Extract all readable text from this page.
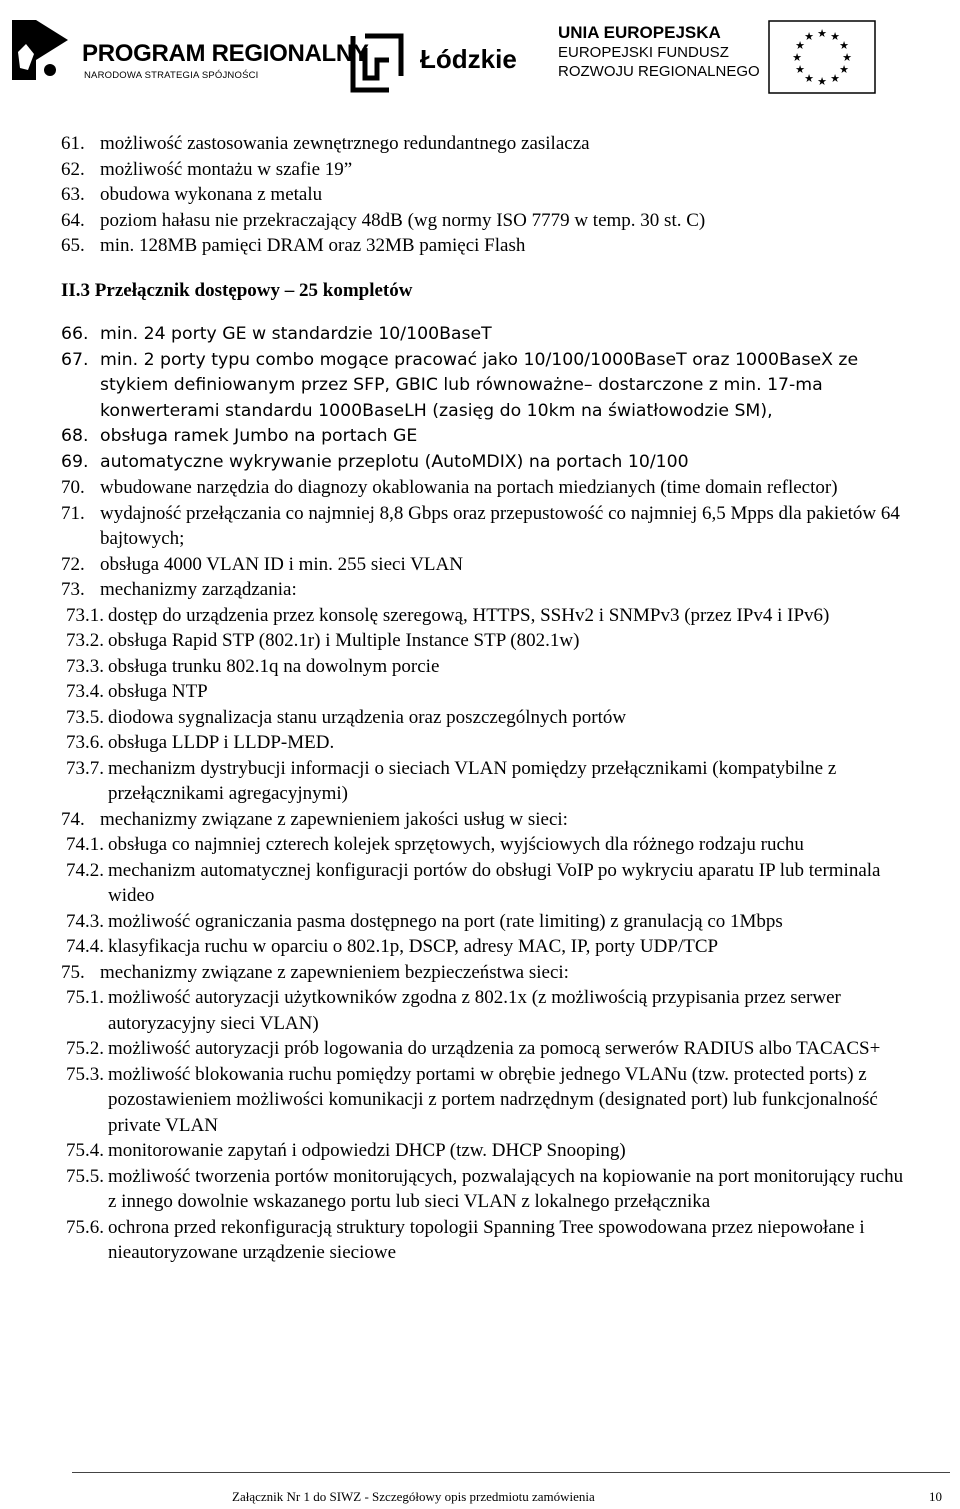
PROGRAM REGIONALNY
NARODOWA STRATEGIA SPÓJNOŚCI
Łódzkie
UNIA EUROPEJSKA
EUROPEJSKI FUNDUSZ
ROZWOJU REGIONALNEGO
★ ★
★
★
★
★
★
★
★
★
★
★
61. możliwość zastosowania zewnętrznego redundantnego zasilacza
62. możliwość montażu w szafie 19”
63. obudowa wykonana z metalu
64. poziom hałasu nie przekraczający 48dB (wg normy ISO 7779 w temp. 30 st. C)
65. min. 128MB pamięci DRAM oraz 32MB pamięci Flash
II.3 Przełącznik dostępowy – 25 kompletów
66. min. 24 porty GE w standardzie 10/100BaseT
67. min. 2 porty typu combo mogące pracować jako 10/100/1000BaseT oraz 1000BaseX ze stykiem definiowanym przez SFP, GBIC lub równoważne– dostarczone z min. 17-ma konwerterami standardu 1000BaseLH (zasięg do 10km na światłowodzie SM),
68. obsługa ramek Jumbo na portach GE
69. automatyczne wykrywanie przeplotu (AutoMDIX) na portach 10/100
70. wbudowane narzędzia do diagnozy okablowania na portach miedzianych (time domain reflector)
71. wydajność przełączania co najmniej 8,8 Gbps oraz przepustowość co najmniej 6,5 Mpps dla pakietów 64 bajtowych;
72. obsługa 4000 VLAN ID i min. 255 sieci VLAN
73. mechanizmy zarządzania:
73.1. dostęp do urządzenia przez konsolę szeregową, HTTPS, SSHv2 i SNMPv3 (przez IPv4 i IPv6)
73.2. obsługa Rapid STP (802.1r) i Multiple Instance STP (802.1w)
73.3. obsługa trunku 802.1q na dowolnym porcie
73.4. obsługa NTP
73.5. diodowa sygnalizacja stanu urządzenia oraz poszczególnych portów
73.6. obsługa LLDP i LLDP-MED.
73.7. mechanizm dystrybucji informacji o sieciach VLAN pomiędzy przełącznikami (kompatybilne z przełącznikami agregacyjnymi)
74. mechanizmy związane z zapewnieniem jakości usług w sieci:
74.1. obsługa co najmniej czterech kolejek sprzętowych, wyjściowych dla różnego rodzaju ruchu
74.2. mechanizm automatycznej konfiguracji portów do obsługi VoIP po wykryciu aparatu IP lub terminala wideo
74.3. możliwość ograniczania pasma dostępnego na port (rate limiting) z granulacją co 1Mbps
74.4. klasyfikacja ruchu w oparciu o 802.1p, DSCP, adresy MAC, IP, porty UDP/TCP
75. mechanizmy związane z zapewnieniem bezpieczeństwa sieci:
75.1. możliwość autoryzacji użytkowników zgodna z 802.1x (z możliwością przypisania przez serwer autoryzacyjny sieci VLAN)
75.2. możliwość autoryzacji prób logowania do urządzenia za pomocą serwerów RADIUS albo TACACS+
75.3. możliwość blokowania ruchu pomiędzy portami w obrębie jednego VLANu (tzw. protected ports) z pozostawieniem możliwości komunikacji z portem nadrzędnym (designated port) lub funkcjonalność private VLAN
75.4. monitorowanie zapytań i odpowiedzi DHCP (tzw. DHCP Snooping)
75.5. możliwość tworzenia portów monitorujących, pozwalających na kopiowanie na port monitorujący ruchu z innego dowolnie wskazanego portu lub sieci VLAN z lokalnego przełącznika
75.6. ochrona przed rekonfiguracją struktury topologii Spanning Tree spowodowana przez niepowołane i nieautoryzowane urządzenie sieciowe
Załącznik Nr 1 do SIWZ - Szczegółowy opis przedmiotu zamówienia	10
